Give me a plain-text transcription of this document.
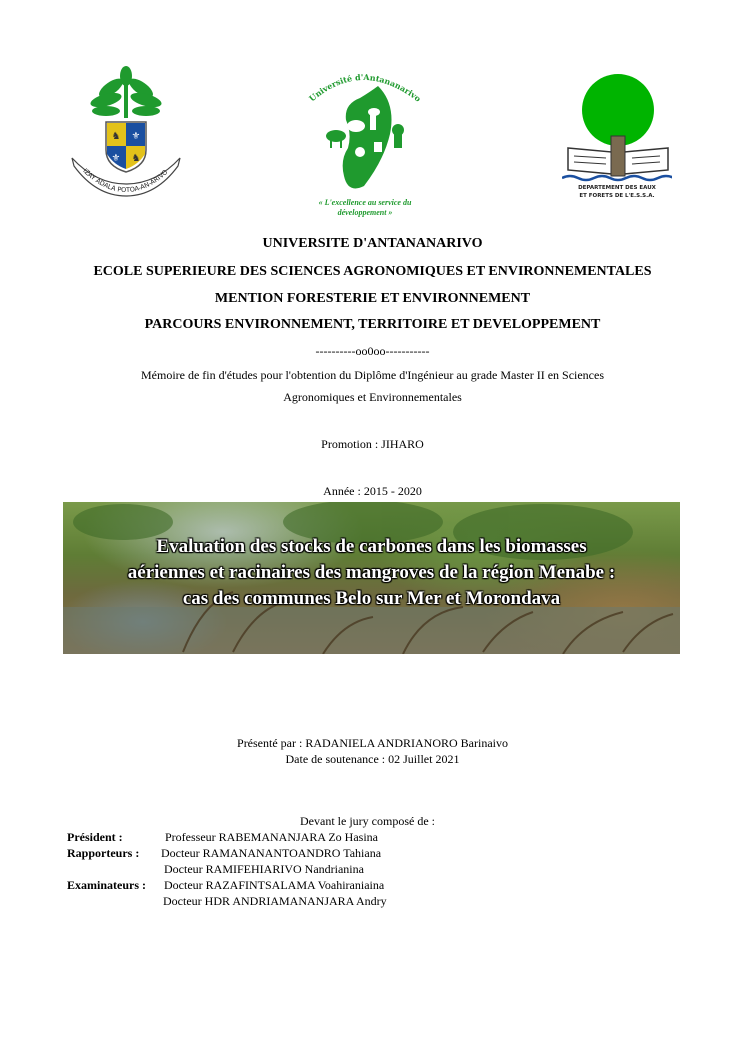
♞ ⚜
⚜ ♞
IZAY ADALA POTOA-AN-ARIVO
Université d'Antananarivo
« L'excellence au service du
développement »
DEPARTEMENT DES EAUX
ET FORETS DE L'E.S.S.A.
UNIVERSITE D'ANTANANARIVO
ECOLE SUPERIEURE DES SCIENCES AGRONOMIQUES ET ENVIRONNEMENTALES
MENTION FORESTERIE ET ENVIRONNEMENT
PARCOURS ENVIRONNEMENT, TERRITOIRE ET DEVELOPPEMENT
----------oo0oo-----------
Mémoire de fin d'études pour l'obtention du Diplôme d'Ingénieur au grade Master II en Sciences
Agronomiques et Environnementales
Promotion : JIHARO
Année : 2015 - 2020
Evaluation des stocks de carbones dans les biomasses
aériennes et racinaires des mangroves de la région Menabe :
cas des communes Belo sur Mer et Morondava
Présenté par : RADANIELA ANDRIANORO Barinaivo
Date de soutenance : 02 Juillet 2021
Devant le jury composé de :
Président :	Professeur RABEMANANJARA Zo Hasina
Rapporteurs : Docteur RAMANANANTOANDRO Tahiana
Docteur RAMIFEHIARIVO Nandrianina
Examinateurs : Docteur RAZAFINTSALAMA Voahiraniaina
Docteur HDR ANDRIAMANANJARA Andry
